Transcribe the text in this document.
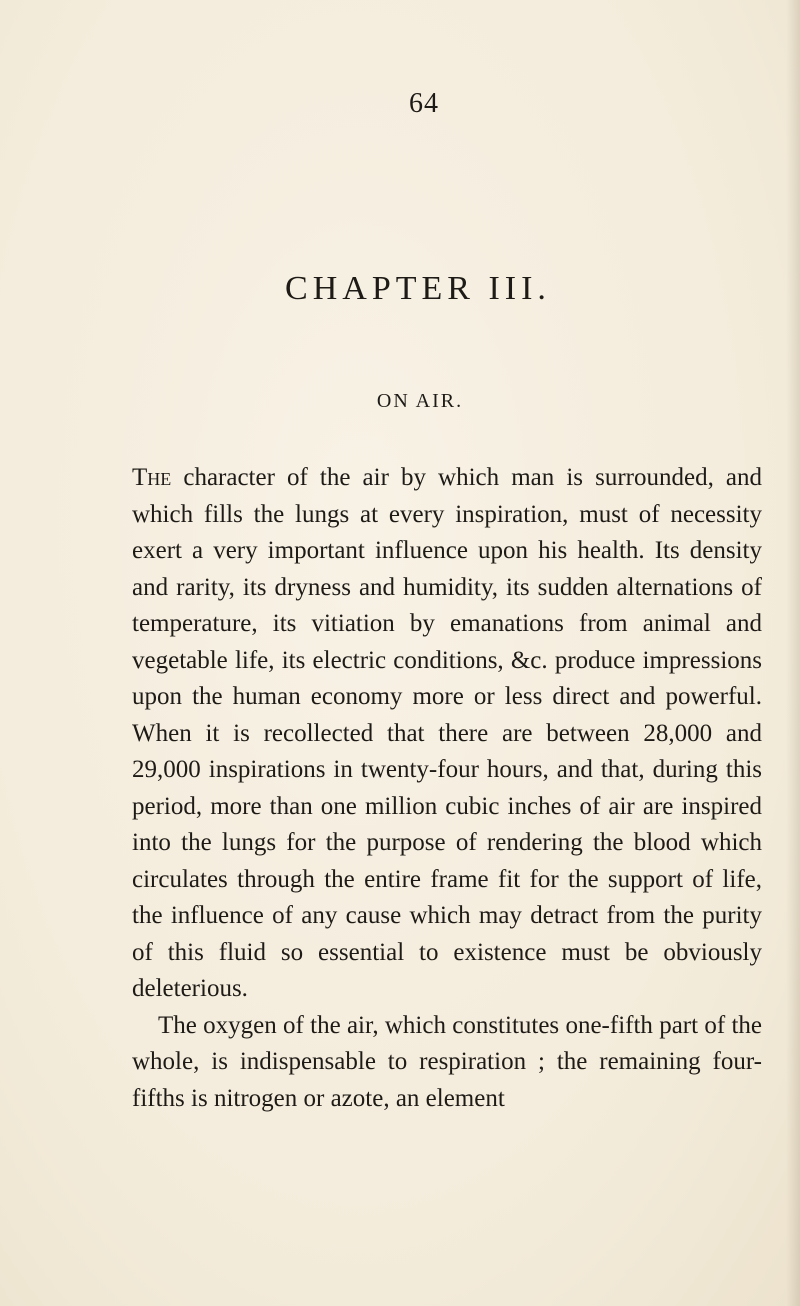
64
CHAPTER III.
ON AIR.

The character of the air by which man is surrounded, and which fills the lungs at every inspiration, must of necessity exert a very important influence upon his health. Its density and rarity, its dryness and humidity, its sudden alternations of temperature, its vitiation by emanations from animal and vegetable life, its electric conditions, &c. produce impressions upon the human economy more or less direct and powerful. When it is recollected that there are between 28,000 and 29,000 inspirations in twenty-four hours, and that, during this period, more than one million cubic inches of air are inspired into the lungs for the purpose of rendering the blood which circulates through the entire frame fit for the support of life, the influence of any cause which may detract from the purity of this fluid so essential to existence must be obviously deleterious.

The oxygen of the air, which constitutes one-fifth part of the whole, is indispensable to respiration ; the remaining four-fifths is nitrogen or azote, an element
